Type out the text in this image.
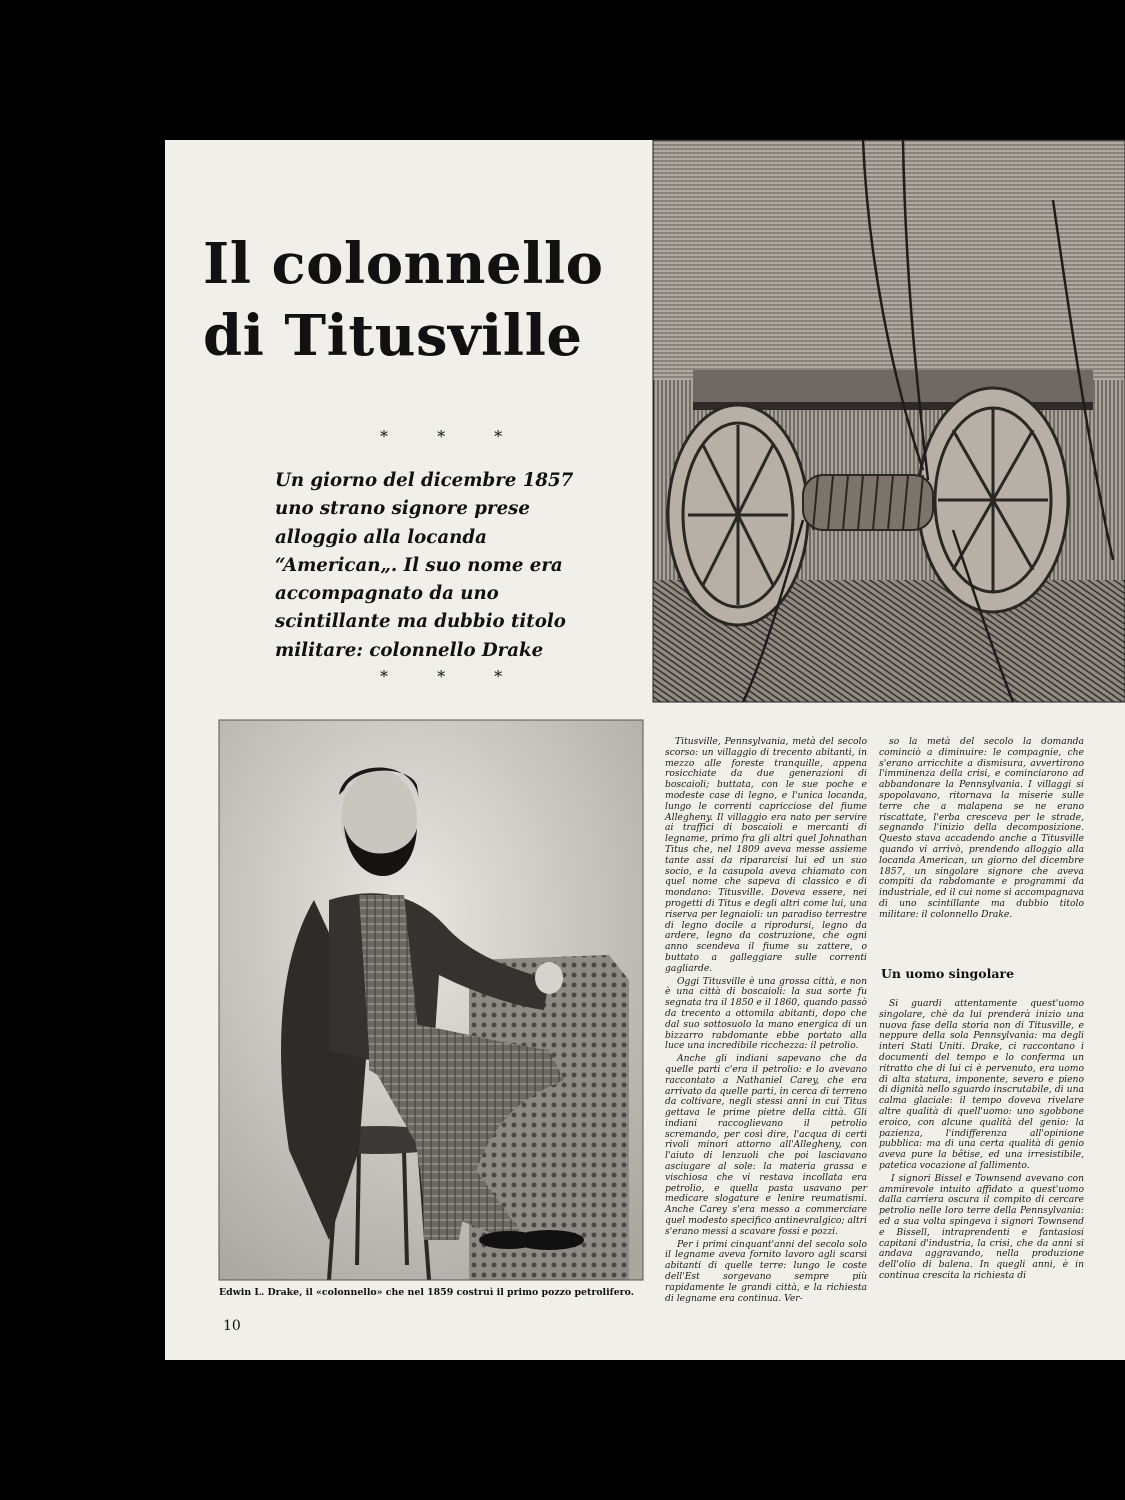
Il colonnello
di Titusville
* * *

Un giorno del dicembre 1857 uno strano signore prese alloggio alla locanda “American„. Il suo nome era accompagnato da uno scintillante ma dubbio titolo militare: colonnello Drake

* * *
Edwin L. Drake, il «colonnello» che nel 1859 costruì il primo pozzo petrolifero.
10

Titusville, Pennsylvania, metà del secolo scorso: un villaggio di trecento abitanti, in mezzo alle foreste tranquille, appena rosicchiate da due generazioni di boscaioli; buttata, con le sue poche e modeste case di legno, e l'unica locanda, lungo le correnti capricciose del fiume Allegheny. Il villaggio era nato per servire ai traffici di boscaioli e mercanti di legname, primo fra gli altri quel Johnathan Titus che, nel 1809 aveva messe assieme tante assi da ripararcisi lui ed un suo socio, e la casupola aveva chiamato con quel nome che sapeva di classico e di mondano: Titusville. Doveva essere, nei progetti di Titus e degli altri come lui, una riserva per legnaioli: un paradiso terrestre di legno docile a riprodursi, legno da ardere, legno da costruzione, che ogni anno scendeva il fiume su zattere, o buttato a galleggiare sulle correnti gagliarde.

Oggi Titusville è una grossa città, e non è una città di boscaioli: la sua sorte fu segnata tra il 1850 e il 1860, quando passò da trecento a ottomila abitanti, dopo che dal suo sottosuolo la mano energica di un bizzarro rabdomante ebbe portato alla luce una incredibile ricchezza: il petrolio.

Anche gli indiani sapevano che da quelle parti c'era il petrolio: e lo avevano raccontato a Nathaniel Carey, che era arrivato da quelle parti, in cerca di terreno da coltivare, negli stessi anni in cui Titus gettava le prime pietre della città. Gli indiani raccoglievano il petrolio scremando, per così dire, l'acqua di certi rivoli minori attorno all'Allegheny, con l'aiuto di lenzuoli che poi lasciavano asciugare al sole: la materia grassa e vischiosa che vi restava incollata era petrolio, e quella pasta usavano per medicare slogature e lenire reumatismi. Anche Carey s'era messo a commerciare quel modesto specifico antinevralgico; altri s'erano messi a scavare fossi e pozzi.

Per i primi cinquant'anni del secolo solo il legname aveva fornito lavoro agli scarsi abitanti di quelle terre: lungo le coste dell'Est sorgevano sempre più rapidamente le grandi città, e la richiesta di legname era continua. Ver-

so la metà del secolo la domanda cominciò a diminuire: le compagnie, che s'erano arricchite a dismisura, avvertirono l'imminenza della crisi, e cominciarono ad abbandonare la Pennsylvania. I villaggi si spopolavano, ritornava la miserie sulle terre che a malapena se ne erano riscattate, l'erba cresceva per le strade, segnando l'inizio della decomposizione. Questo stava accadendo anche a Titusville quando vi arrivò, prendendo alloggio alla locanda American, un giorno del dicembre 1857, un singolare signore che aveva compiti da rabdomante e programmi da industriale, ed il cui nome si accompagnava di uno scintillante ma dubbio titolo militare: il colonnello Drake.

Un uomo singolare

Si guardi attentamente quest'uomo singolare, chè da lui prenderà inizio una nuova fase della storia non di Titusville, e neppure della sola Pennsylvania: ma degli interi Stati Uniti. Drake, ci raccontano i documenti del tempo e lo conferma un ritratto che di lui ci è pervenuto, era uomo di alta statura, imponente, severo e pieno di dignità nello sguardo inscrutabile, di una calma glaciale: il tempo doveva rivelare altre qualità di quell'uomo: uno sgobbone eroico, con alcune qualità del genio: la pazienza, l'indifferenza all'opinione pubblica: ma di una certa qualità di genio aveva pure la bêtise, ed una irresistibile, patetica vocazione al fallimento.

I signori Bissel e Townsend avevano con ammirevole intuito affidato a quest'uomo dalla carriera oscura il compito di cercare petrolio nelle loro terre della Pennsylvania: ed a sua volta spingeva i signori Townsend e Bissell, intraprendenti e fantasiosi capitani d'industria, la crisi, che da anni si andava aggravando, nella produzione dell'olio di balena. In quegli anni, è in continua crescita la richiesta di
